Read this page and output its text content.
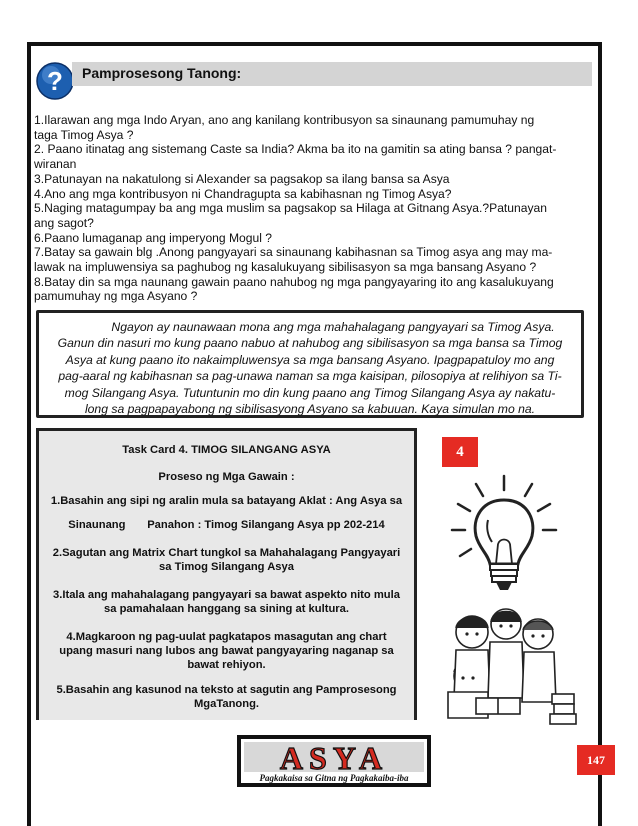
? Pamprosesong Tanong:

1.Ilarawan ang mga Indo Aryan, ano ang kanilang kontribusyon sa sinaunang pamumuhay ng

taga Timog Asya ?

2. Paano itinatag ang sistemang Caste sa India? Akma ba ito na gamitin sa ating bansa ? pangat-

wiranan

3.Patunayan na nakatulong si Alexander sa pagsakop sa ilang bansa sa Asya

4.Ano ang mga kontribusyon ni Chandragupta sa kabihasnan ng Timog Asya?

5.Naging matagumpay ba ang mga muslim sa pagsakop sa Hilaga at Gitnang Asya.?Patunayan

ang sagot?

6.Paano lumaganap ang imperyong Mogul ?

7.Batay sa gawain blg .Anong pangyayari sa sinaunang kabihasnan sa Timog asya ang may ma-

lawak na impluwensiya sa paghubog ng kasalukuyang sibilisasyon sa mga bansang Asyano ?

8.Batay din sa mga naunang gawain paano nahubog ng mga pangyayaring ito ang kasalukuyang

pamumuhay ng mga Asyano ?

Ngayon ay naunawaan mona ang mga mahahalagang pangyayari sa Timog Asya.
Ganun din nasuri mo kung paano nabuo at nahubog ang sibilisasyon sa mga bansa sa Timog
Asya at kung paano ito nakaimpluwensya sa mga bansang Asyano. Ipagpapatuloy mo ang
pag-aaral ng kabihasnan sa pag-unawa naman sa mga kaisipan, pilosopiya at relihiyon sa Ti-
mog Silangang Asya. Tutuntunin mo din kung paano ang Timog Silangang Asya ay nakatu-
long sa pagpapayabong ng sibilisasyong Asyano sa kabuuan. Kaya simulan mo na.
Task Card 4. TIMOG SILANGANG ASYA
Proseso ng Mga Gawain :
1.Basahin ang sipi ng aralin mula sa batayang Aklat : Ang Asya sa
Sinaunang       Panahon : Timog Silangang Asya pp 202-214
2.Sagutan ang Matrix Chart tungkol sa Mahahalagang Pangyayari
sa Timog Silangang Asya
3.Itala ang mahahalagang pangyayari sa bawat aspekto nito mula
sa pamahalaan hanggang sa sining at kultura.
4.Magkaroon ng pag-uulat pagkatapos masagutan ang chart
upang masuri nang lubos ang bawat pangyayaring naganap sa
bawat rehiyon.
5.Basahin ang kasunod na teksto at sagutin ang Pamprosesong
MgaTanong.
4
ASYA
Pagkakaisa sa Gitna ng Pagkakaiba-iba
147
